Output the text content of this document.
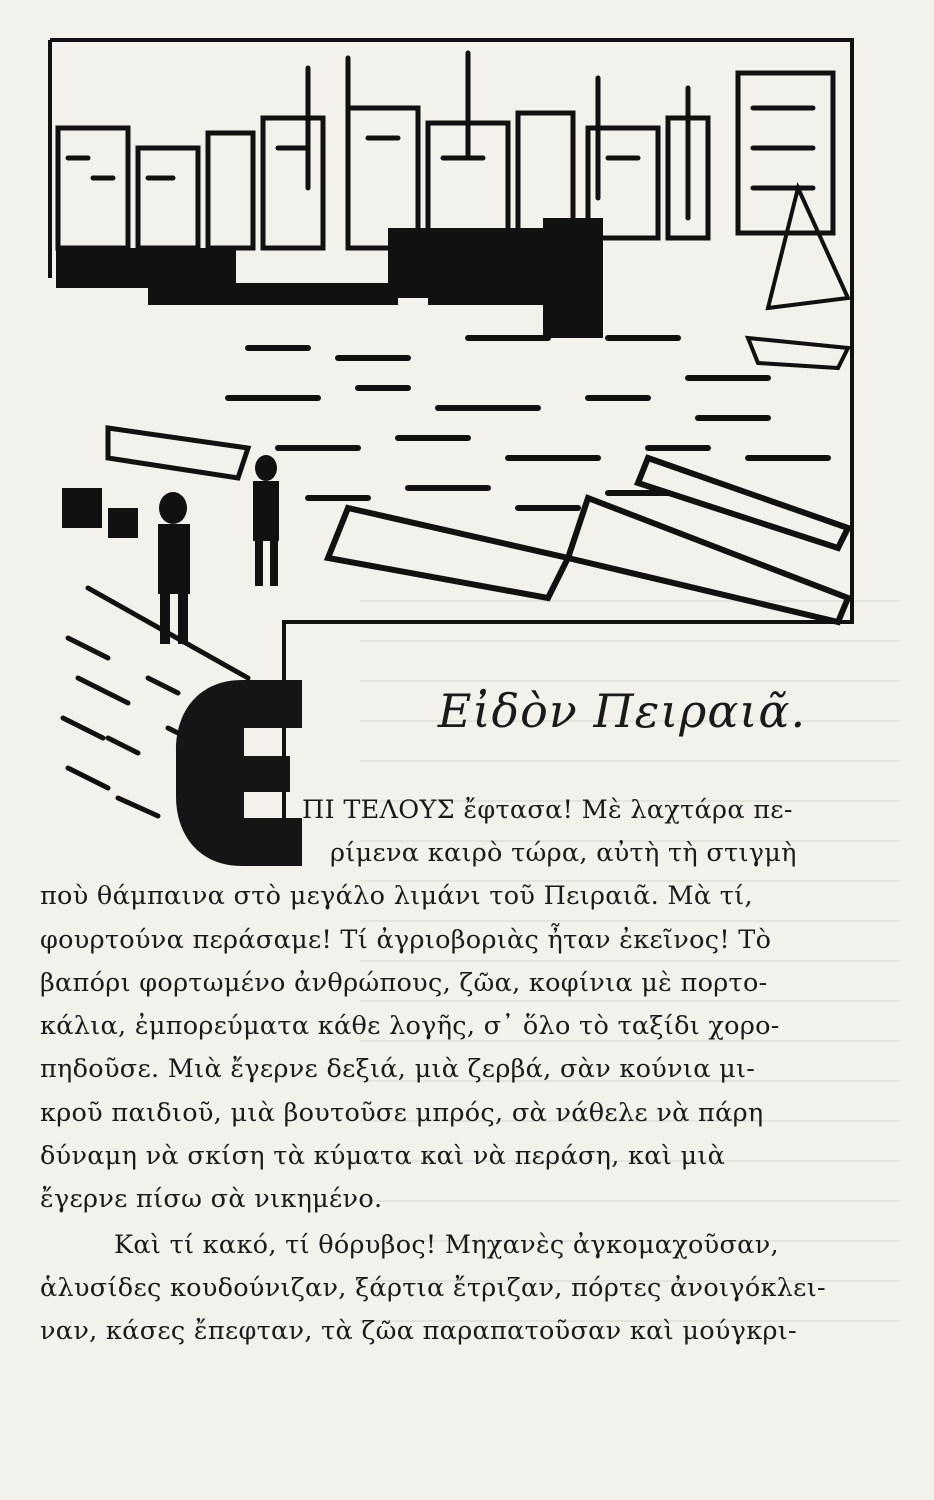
Εἰδὸν Πειραιᾶ.
ΠΙ ΤΕΛΟΥΣ ἔφτασα! Μὲ λαχτάρα πε-
ρίμενα καιρὸ τώρα, αὐτὴ τὴ στιγμὴ
ποὺ θάμπαινα στὸ μεγάλο λιμάνι τοῦ Πειραιᾶ. Μὰ τί,
φουρτούνα περάσαμε! Τί ἀγριοβοριὰς ἦταν ἐκεῖνος! Τὸ
βαπόρι φορτωμένο ἀνθρώπους, ζῶα, κοφίνια μὲ πορτο-
κάλια, ἐμπορεύματα κάθε λογῆς, σ᾽ ὅλο τὸ ταξίδι χορο-
πηδοῦσε. Μιὰ ἔγερνε δεξιά, μιὰ ζερβά, σὰν κούνια μι-
κροῦ παιδιοῦ, μιὰ βουτοῦσε μπρός, σὰ νάθελε νὰ πάρη
δύναμη νὰ σκίση τὰ κύματα καὶ νὰ περάση, καὶ μιὰ
ἔγερνε πίσω σὰ νικημένο.
Καὶ τί κακό, τί θόρυβος! Μηχανὲς ἀγκομαχοῦσαν,
ἁλυσίδες κουδούνιζαν, ξάρτια ἔτριζαν, πόρτες ἀνοιγόκλει-
ναν, κάσες ἔπεφταν, τὰ ζῶα παραπατοῦσαν καὶ μούγκρι-
